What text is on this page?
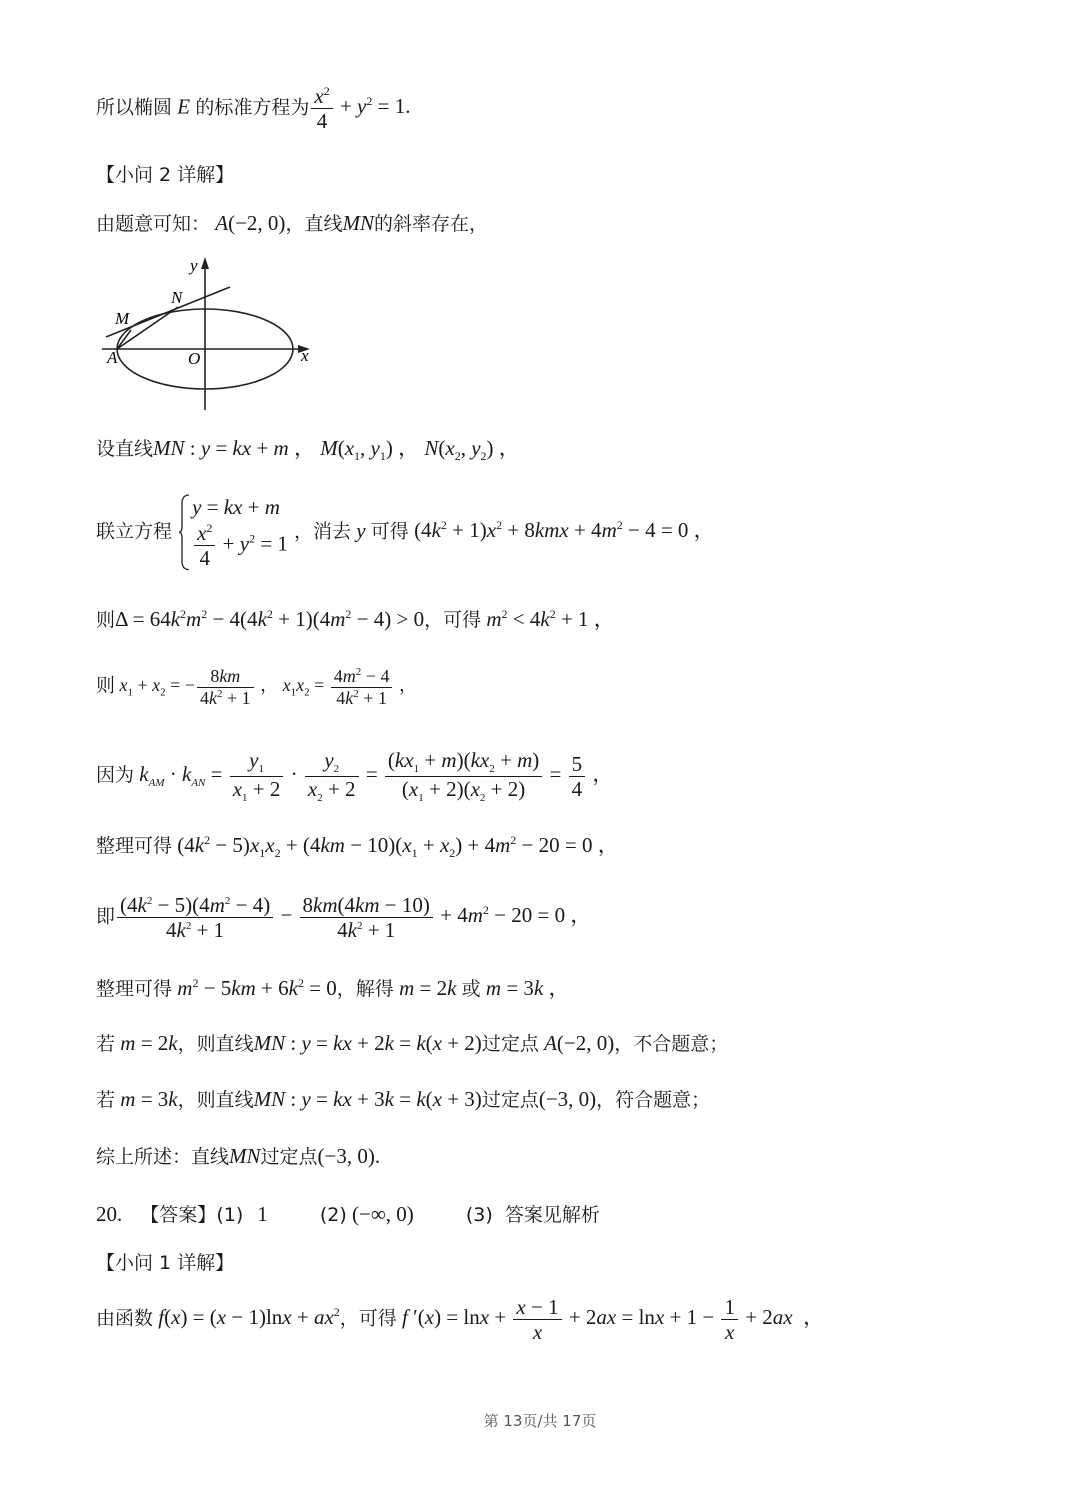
所以椭圆 E 的标准方程为 $\frac{x^2}{4} + y^2 = 1$.
【小问 2 详解】
由题意可知： A(−2, 0)，直线MN的斜率存在，
y
x
N
M
A	O
设直线MN : y = kx + m ， $M(x_1$, $y_1$) ， $N(x_2$, $y_2$) ，
联立方程
y = kx + m
$\frac{x^2}{4} + y^2 = 1$
，消去 y 可得 $(4k^2 + 1)x^2 + 8kmx + 4m^2 - 4 = 0$ ，
则$\Delta = 64k^2m^2 - 4(4k^2 + 1)(4m^2 - 4) > 0$，可得 $m^2 < 4k^2 + 1$ ，
则 $x_1 + x_2$ = − $\frac{8km}{4k^2 + 1}$ ， $x_1x_2 = \frac{4m^2 - 4}{4k^2 + 1}$ ，
因为 $k_{AM} \cdot k_{AN} = \frac{y_1}{x_1 + 2} \cdot \frac{y_2}{x_2 + 2} = \frac{(kx_1 + m)(kx_2 + m)}{(x_1 + 2)(x_2 + 2)} = \frac{5}{4}$ ，
整理可得 $(4k^2 - 5)x_1x_2 + (4km - 10)(x_1 + x_2) + 4m^2 - 20 = 0$ ，
即 $\frac{(4k^2 - 5)(4m^2 - 4)}{4k^2 + 1} - \frac{8km(4km - 10)}{4k^2 + 1} + 4m^2 - 20 = 0$ ，
整理可得 $m^2 - 5km + 6k^2 = 0$，解得 m = 2k 或 m = 3k ，
若 m = 2k，则直线MN : y = kx + 2k = k(x + 2)过定点 A(−2, 0)，不合题意；
若 m = 3k，则直线MN : y = kx + 3k = k(x + 3)过定点(−3, 0)，符合题意；
综上所述：直线MN过定点(−3, 0).
20. 【答案】(1) 1	(2) (−∞, 0)	(3) 答案见解析
【小问 1 详解】
由函数 $f(x) = (x - 1)\ln x + ax^2$，可得 f $'(x) = \ln x + \frac{x - 1}{x} + 2ax = \ln x + 1 - \frac{1}{x} + 2ax$  ，
第 13页/共 17页
